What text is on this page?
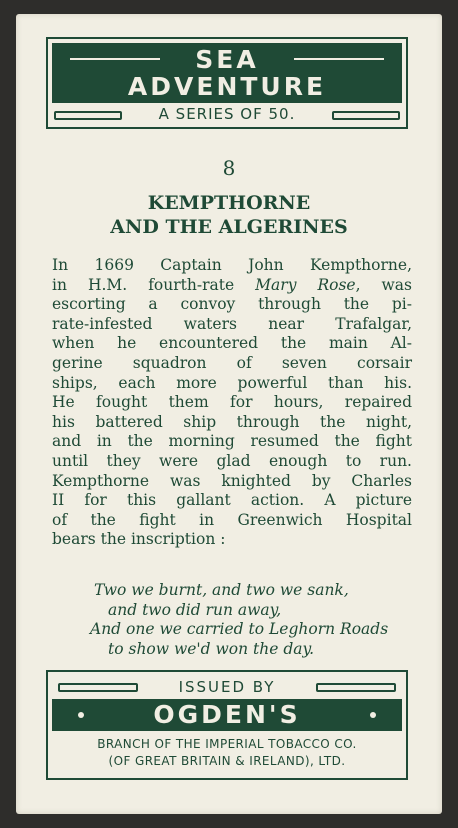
SEA
ADVENTURE
A SERIES OF 50.
8
KEMPTHORNE
AND THE ALGERINES
In 1669 Captain John Kempthorne,
in H.M. fourth-rate Mary Rose, was
escorting a convoy through the pi-
rate-infested waters near Trafalgar,
when he encountered the main Al-
gerine squadron of seven corsair
ships, each more powerful than his.
He fought them for hours, repaired
his battered ship through the night,
and in the morning resumed the fight
until they were glad enough to run.
Kempthorne was knighted by Charles
II for this gallant action. A picture
of the fight in Greenwich Hospital
bears the inscription :
Two we burnt, and two we sank,
and two did run away,
And one we carried to Leghorn Roads
to show we'd won the day.
ISSUED BY
OGDEN'S
BRANCH OF THE IMPERIAL TOBACCO CO.
(OF GREAT BRITAIN & IRELAND), LTD.
